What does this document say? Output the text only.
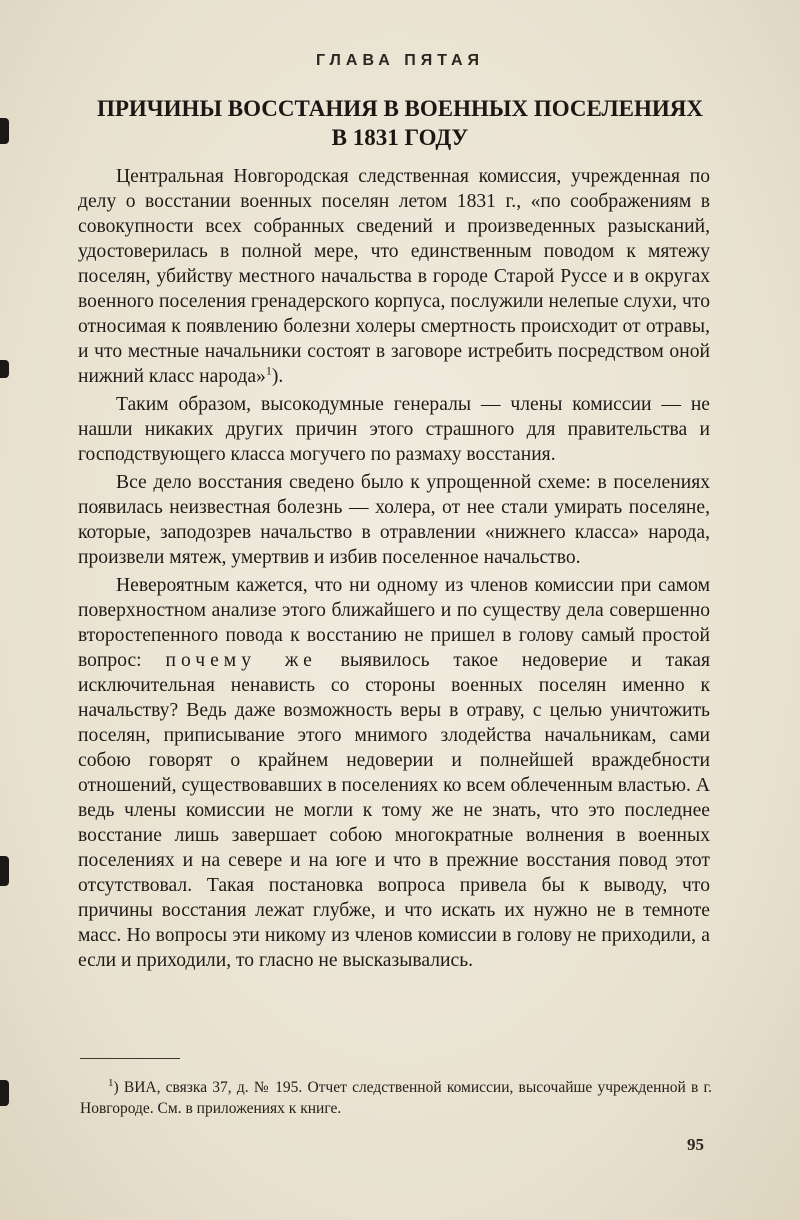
ГЛАВА ПЯТАЯ
ПРИЧИНЫ ВОССТАНИЯ В ВОЕННЫХ ПОСЕЛЕНИЯХ
В 1831 ГОДУ

Центральная Новгородская следственная комиссия, учрежденная по делу о восстании военных поселян летом 1831 г., «по соображениям в совокупности всех собранных сведений и произведенных разысканий, удостоверилась в полной мере, что единственным поводом к мятежу поселян, убийству местного начальства в городе Старой Руссе и в округах военного поселения гренадерского корпуса, послужили нелепые слухи, что относимая к появлению болезни холеры смертность происходит от отравы, и что местные начальники состоят в заговоре истребить посредством оной нижний класс народа»$^1$).

Таким образом, высокодумные генералы — члены комиссии — не нашли никаких других причин этого страшного для правительства и господствующего класса могучего по размаху восстания.

Все дело восстания сведено было к упрощенной схеме: в поселениях появилась неизвестная болезнь — холера, от нее стали умирать поселяне, которые, заподозрев начальство в отравлении «нижнего класса» народа, произвели мятеж, умертвив и избив поселенное начальство.

Невероятным кажется, что ни одному из членов комиссии при самом поверхностном анализе этого ближайшего и по существу дела совершенно второстепенного повода к восстанию не пришел в голову самый простой вопрос: почему же выявилось такое недоверие и такая исключительная ненависть со стороны военных поселян именно к начальству? Ведь даже возможность веры в отраву, с целью уничтожить поселян, приписывание этого мнимого злодейства начальникам, сами собою говорят о крайнем недоверии и полнейшей враждебности отношений, существовавших в поселениях ко всем облеченным властью. А ведь члены комиссии не могли к тому же не знать, что это последнее восстание лишь завершает собою многократные волнения в военных поселениях и на севере и на юге и что в прежние восстания повод этот отсутствовал. Такая постановка вопроса привела бы к выводу, что причины восстания лежат глубже, и что искать их нужно не в темноте масс. Но вопросы эти никому из членов комиссии в голову не приходили, а если и приходили, то гласно не высказывались.

$^1$) ВИА, связка 37, д. № 195. Отчет следственной комиссии, высочайше учрежденной в г. Новгороде. См. в приложениях к книге.
95
